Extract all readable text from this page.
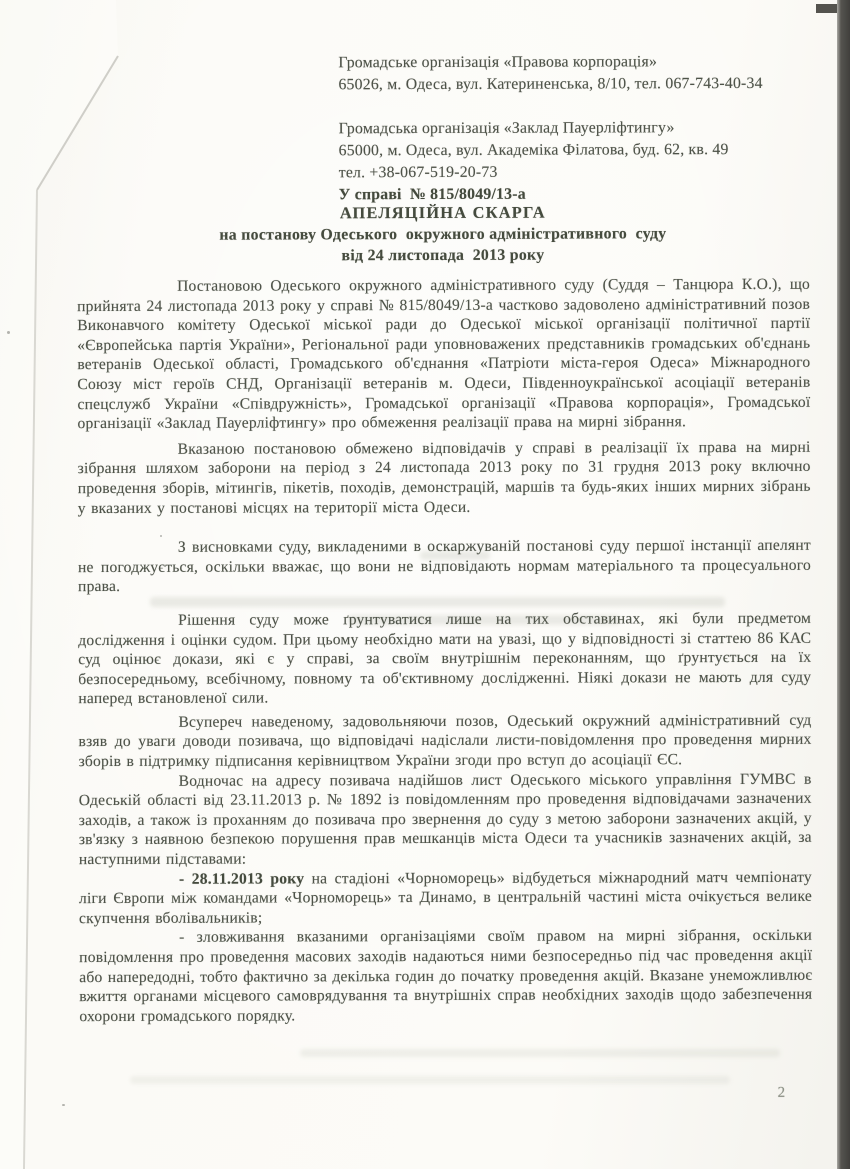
Громадське організація «Правова корпорація»
65026, м. Одеса, вул. Катериненська, 8/10, тел. 067-743-40-34
Громадська організація «Заклад Пауерліфтингу»
65000, м. Одеса, вул. Академіка Філатова, буд. 62, кв. 49
тел. +38-067-519-20-73
У справі  № 815/8049/13-а
АПЕЛЯЦІЙНА СКАРГА
на постанову Одеського  окружного адміністративного  суду
від 24 листопада  2013 року

Постановою Одеського окружного адміністративного суду (Суддя – Танцюра К.О.), що прийнята 24 листопада 2013 року у справі № 815/8049/13-а частково задоволено адміністративний позов Виконавчого комітету Одеської міської ради до Одеської міської організації політичної партії «Європейська партія України», Регіональної ради уповноважених представників громадських об'єднань ветеранів Одеської області, Громадського об'єднання «Патріоти міста-героя Одеса» Міжнародного Союзу міст героїв СНД, Організації ветеранів м. Одеси, Південноукраїнської асоціації ветеранів спецслужб України «Співдружність», Громадської організації «Правова корпорація», Громадської організації «Заклад Пауерліфтингу» про обмеження реалізації права на мирні зібрання.

Вказаною постановою обмежено відповідачів у справі в реалізації їх права на мирні зібрання шляхом заборони на період з 24 листопада 2013 року по 31 грудня 2013 року включно проведення зборів, мітингів, пікетів, походів, демонстрацій, маршів та будь-яких інших мирних зібрань у вказаних у постанові місцях на території міста Одеси.

З висновками суду, викладеними в оскаржуваній постанові суду першої інстанції апелянт не погоджується, оскільки вважає, що вони не відповідають нормам матеріального та процесуального права.

Рішення суду може ґрунтуватися лише на тих обставинах, які були предметом дослідження і оцінки судом. При цьому необхідно мати на увазі, що у відповідності зі статтею 86 КАС суд оцінює докази, які є у справі, за своїм внутрішнім переконанням, що ґрунтується на їх безпосередньому, всебічному, повному та об'єктивному дослідженні. Ніякі докази не мають для суду наперед встановленої сили.

Всупереч наведеному, задовольняючи позов, Одеський окружний адміністративний суд взяв до уваги доводи позивача, що відповідачі надіслали листи-повідомлення про проведення мирних зборів в підтримку підписання керівництвом України згоди про вступ до асоціації ЄС.

Водночас на адресу позивача надійшов лист Одеського міського управління ГУМВС в Одеській області від 23.11.2013 р. № 1892 із повідомленням про проведення відповідачами зазначених заходів, а також із проханням до позивача про звернення до суду з метою заборони зазначених акцій, у зв'язку з наявною безпекою порушення прав мешканців міста Одеси та учасників зазначених акцій, за наступними підставами:

- 28.11.2013 року на стадіоні «Чорноморець» відбудеться міжнародний матч чемпіонату ліги Європи між командами «Чорноморець» та Динамо, в центральній частині міста очікується велике скупчення вболівальників;

- зловживання вказаними організаціями своїм правом на мирні зібрання, оскільки повідомлення про проведення масових заходів надаються ними безпосередньо під час проведення акції або напередодні, тобто фактично за декілька годин до початку проведення акцій. Вказане унеможливлює вжиття органами місцевого самоврядування та внутрішніх справ необхідних заходів щодо забезпечення охорони громадського порядку.

2
